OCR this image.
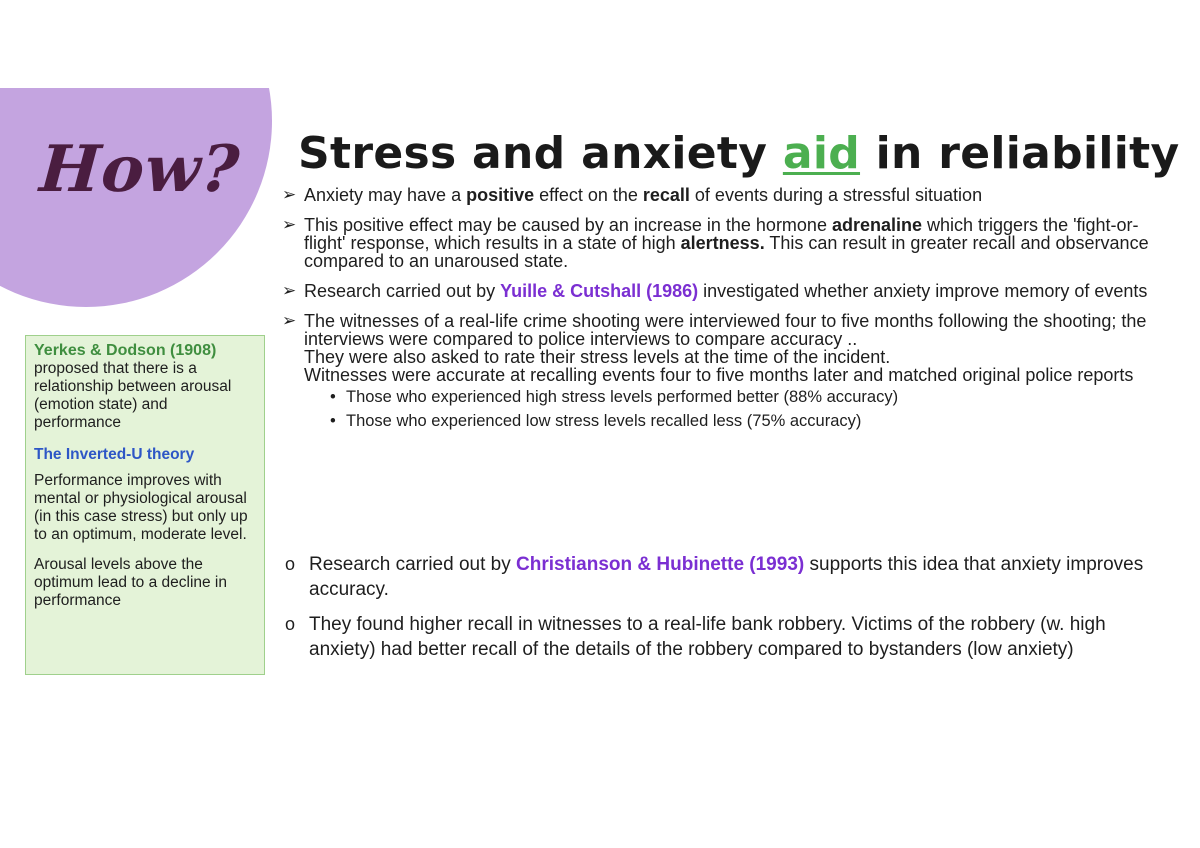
How? Stress and anxiety aid in reliability

Yerkes & Dodson (1908)

proposed that there is a relationship between arousal (emotion state) and performance

The Inverted-U theory

Performance improves with mental or physiological arousal (in this case stress) but only up to an optimum, moderate level.

Arousal levels above the optimum lead to a decline in performance

➢ Anxiety may have a positive effect on the recall of events during a stressful situation
➢ This positive effect may be caused by an increase in the hormone adrenaline which triggers the 'fight-or-flight' response, which results in a state of high alertness. This can result in greater recall and observance compared to an unaroused state.
➢ Research carried out by Yuille & Cutshall (1986) investigated whether anxiety improve memory of events
➢ The witnesses of a real-life crime shooting were interviewed four to five months following the shooting; the interviews were compared to police interviews to compare accuracy ..
They were also asked to rate their stress levels at the time of the incident.
Witnesses were accurate at recalling events four to five months later and matched original police reports
• Those who experienced high stress levels performed better (88% accuracy)
• Those who experienced low stress levels recalled less (75% accuracy)
o Research carried out by Christianson & Hubinette (1993) supports this idea that anxiety improves accuracy.
o They found higher recall in witnesses to a real-life bank robbery. Victims of the robbery (w. high anxiety) had better recall of the details of the robbery compared to bystanders (low anxiety)
